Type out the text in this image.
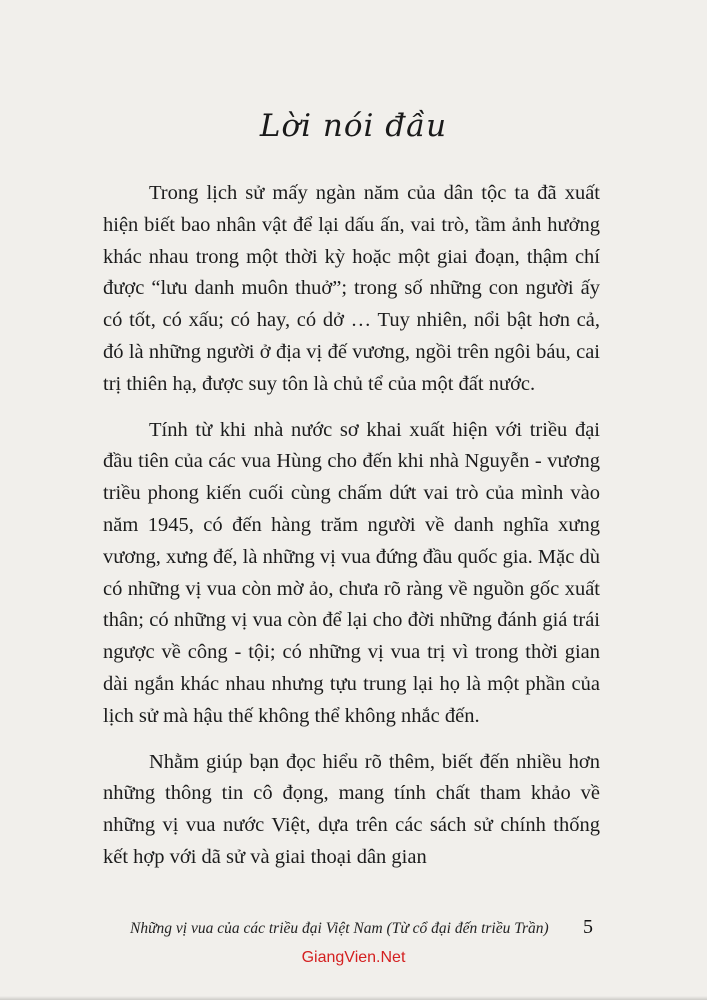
Lời nói đầu

Trong lịch sử mấy ngàn năm của dân tộc ta đã xuất hiện biết bao nhân vật để lại dấu ấn, vai trò, tầm ảnh hưởng khác nhau trong một thời kỳ hoặc một giai đoạn, thậm chí được “lưu danh muôn thuở”; trong số những con người ấy có tốt, có xấu; có hay, có dở … Tuy nhiên, nổi bật hơn cả, đó là những người ở địa vị đế vương, ngồi trên ngôi báu, cai trị thiên hạ, được suy tôn là chủ tể của một đất nước.

Tính từ khi nhà nước sơ khai xuất hiện với triều đại đầu tiên của các vua Hùng cho đến khi nhà Nguyễn - vương triều phong kiến cuối cùng chấm dứt vai trò của mình vào năm 1945, có đến hàng trăm người về danh nghĩa xưng vương, xưng đế, là những vị vua đứng đầu quốc gia. Mặc dù có những vị vua còn mờ ảo, chưa rõ ràng về nguồn gốc xuất thân; có những vị vua còn để lại cho đời những đánh giá trái ngược về công - tội; có những vị vua trị vì trong thời gian dài ngắn khác nhau nhưng tựu trung lại họ là một phần của lịch sử mà hậu thế không thể không nhắc đến.

Nhằm giúp bạn đọc hiểu rõ thêm, biết đến nhiều hơn những thông tin cô đọng, mang tính chất tham khảo về những vị vua nước Việt, dựa trên các sách sử chính thống kết hợp với dã sử và giai thoại dân gian

Những vị vua của các triều đại Việt Nam (Từ cổ đại đến triều Trần)	5
GiangVien.Net
